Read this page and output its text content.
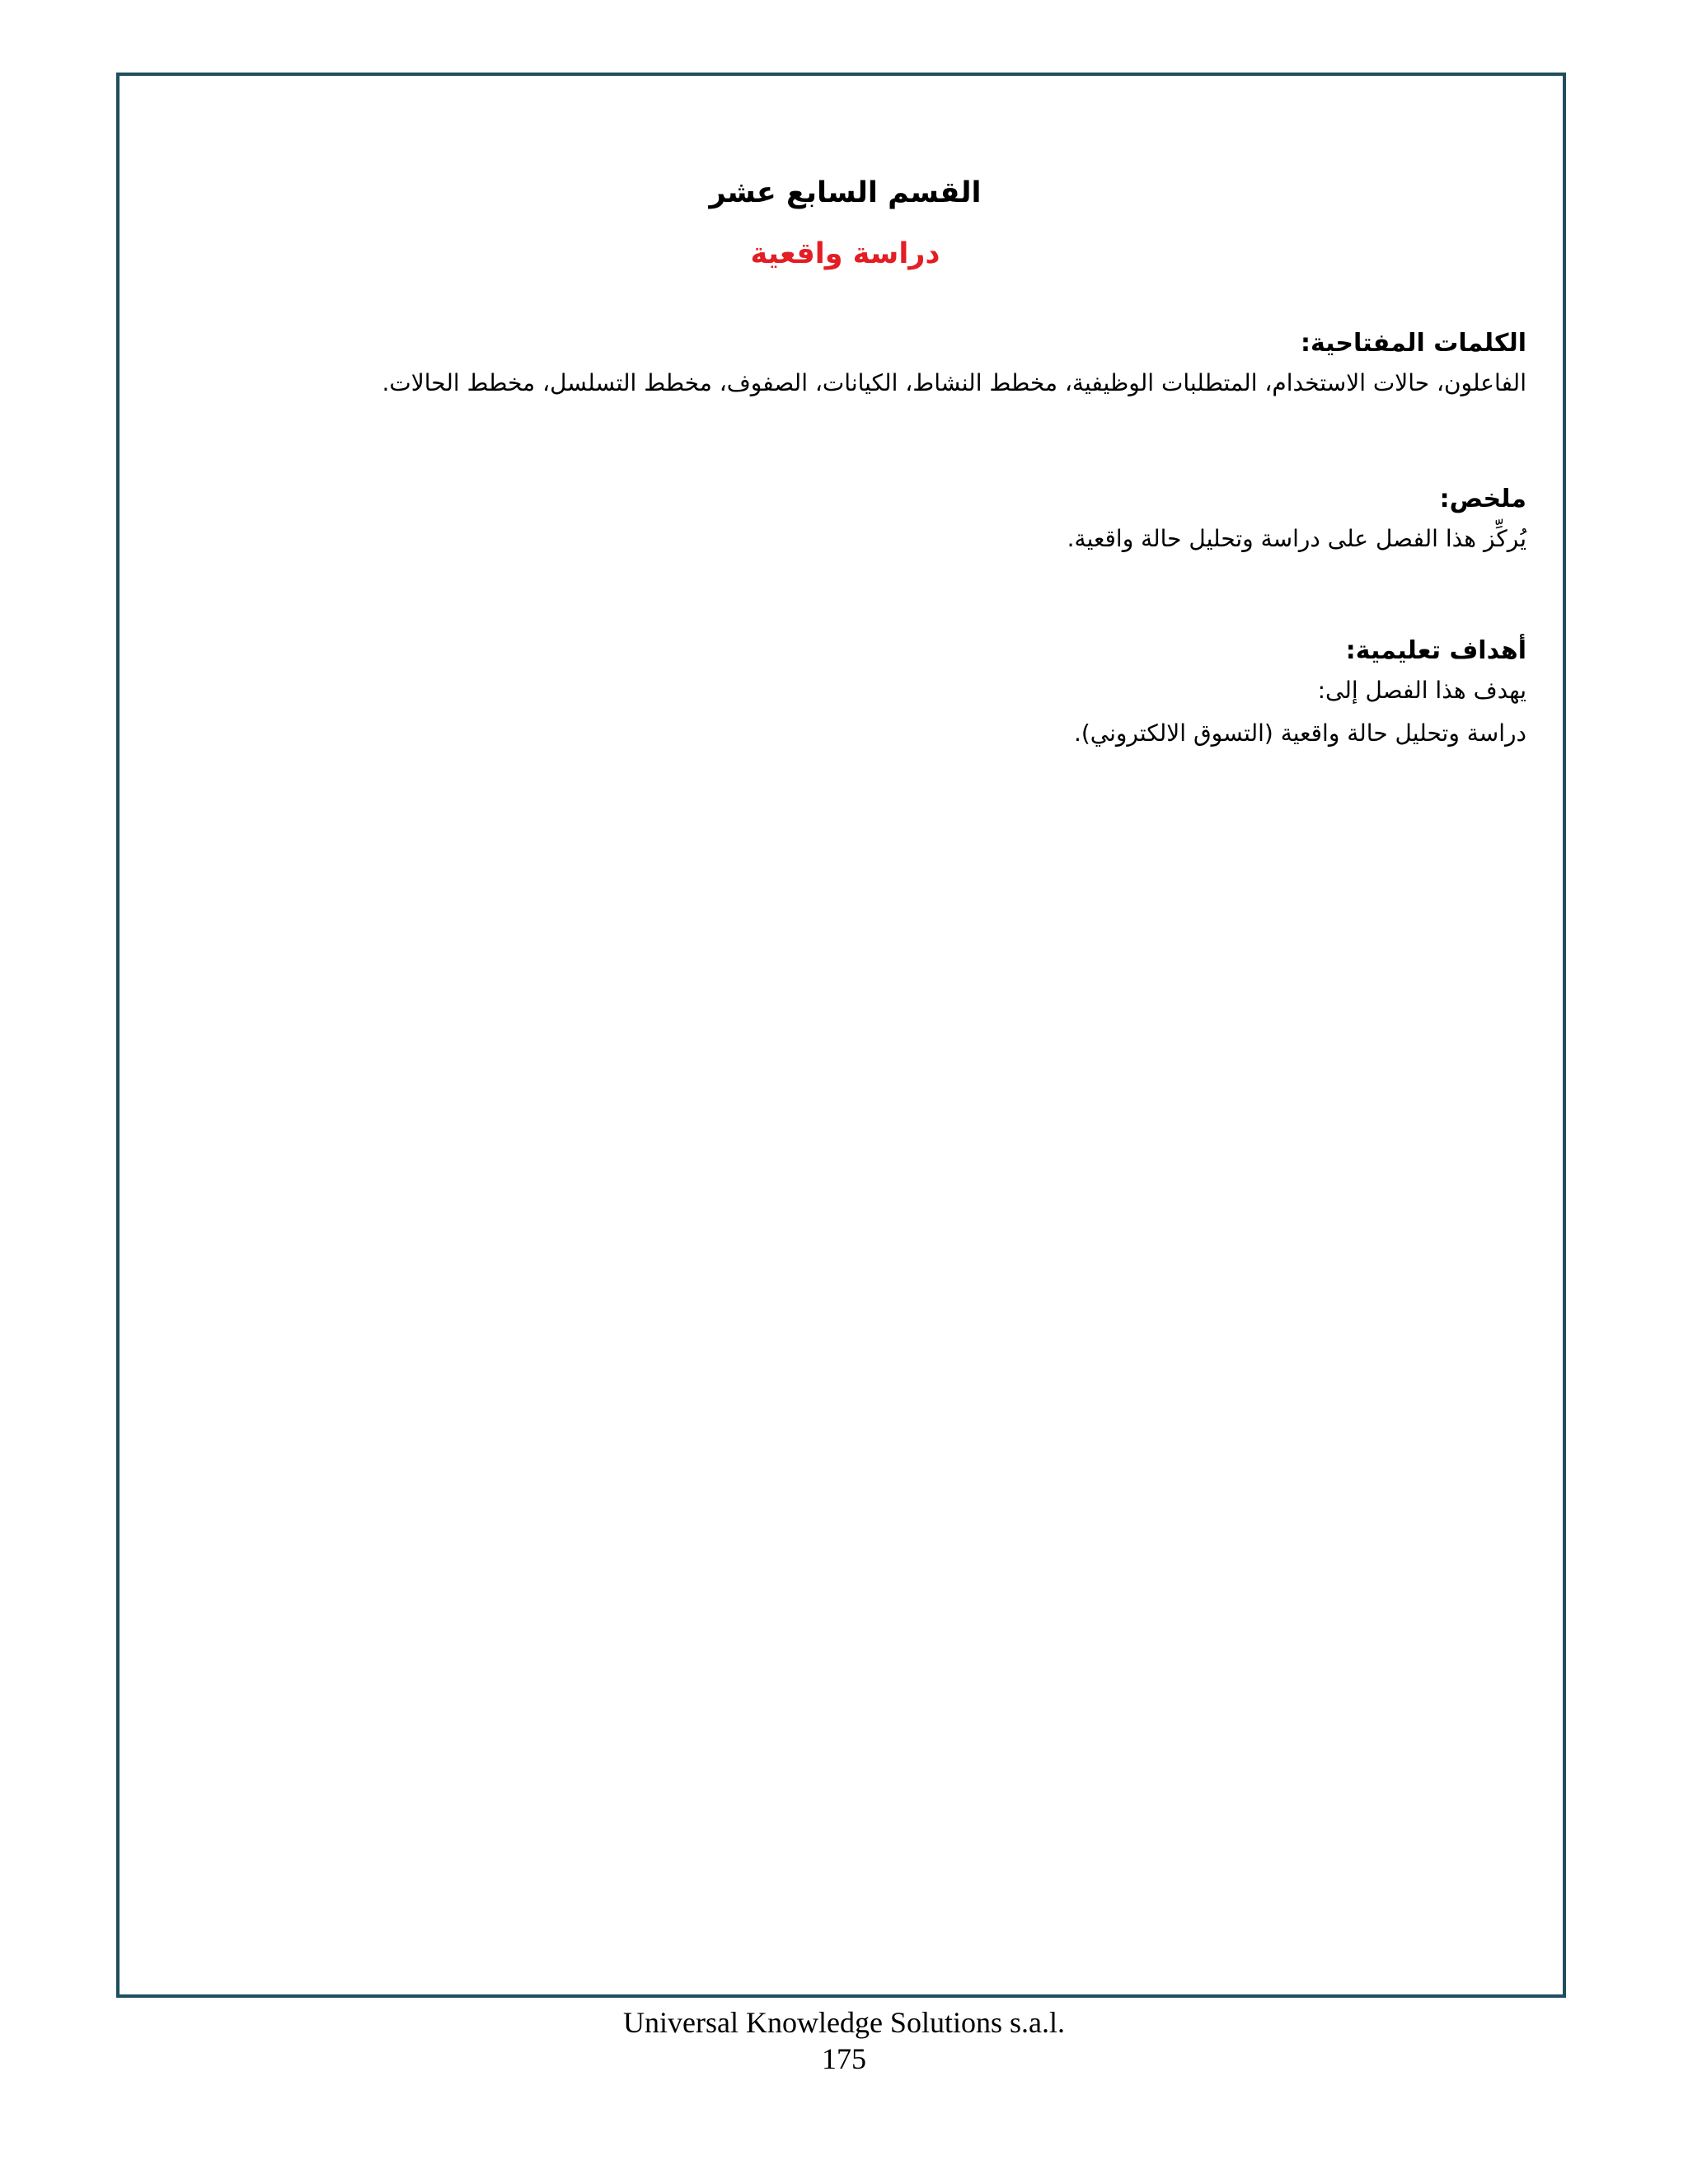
القسم السابع عشر
دراسة واقعية

الكلمات المفتاحية:

الفاعلون، حالات الاستخدام، المتطلبات الوظيفية، مخطط النشاط، الكيانات، الصفوف، مخطط التسلسل، مخطط الحالات.

ملخص:

يُركِّز هذا الفصل على دراسة وتحليل حالة واقعية.

أهداف تعليمية:

يهدف هذا الفصل إلى:

دراسة وتحليل حالة واقعية (التسوق الالكتروني).

Universal Knowledge Solutions s.a.l.
175
